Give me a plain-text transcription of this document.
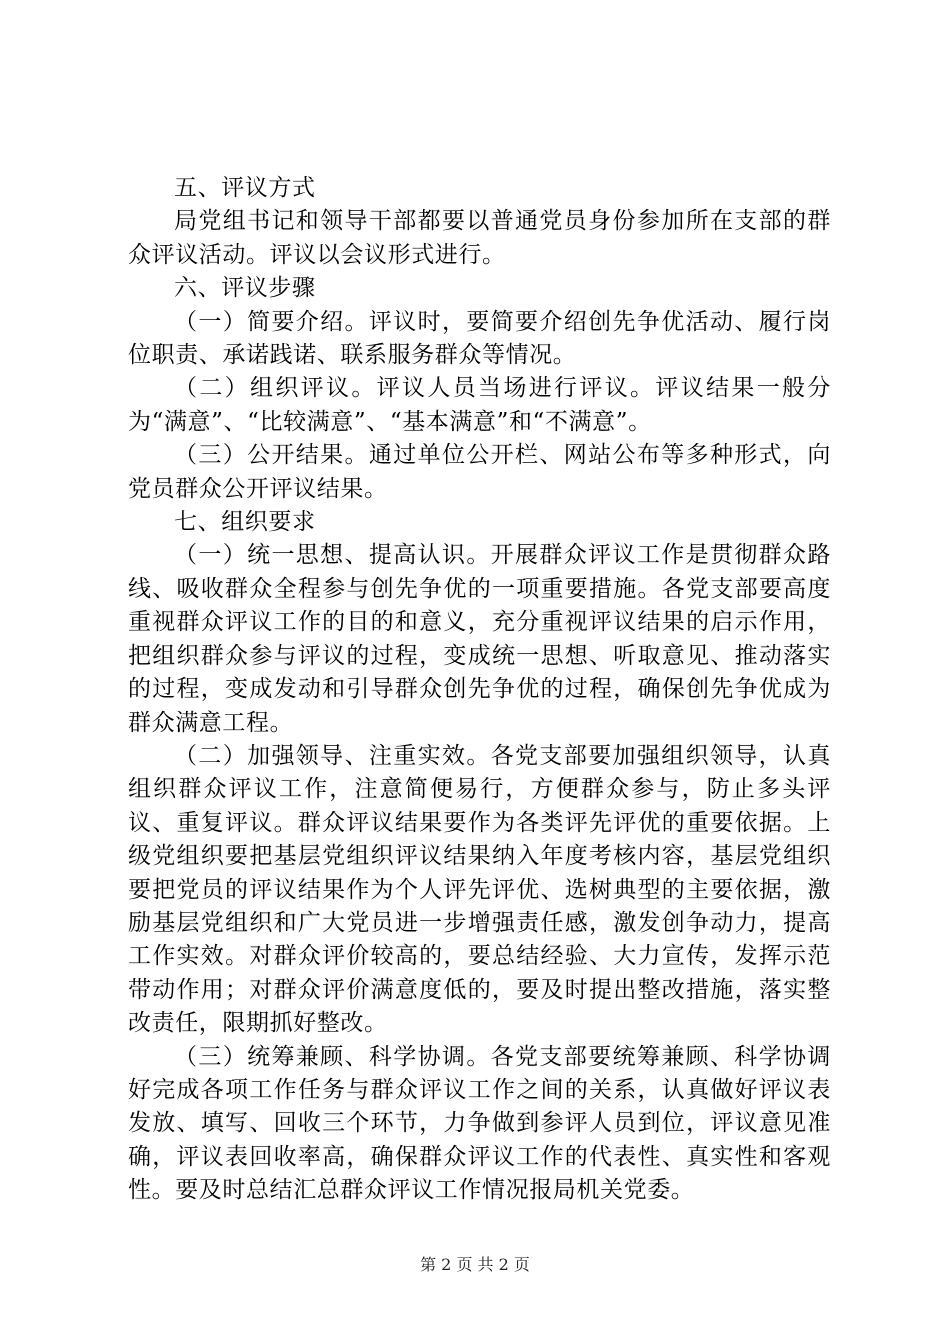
五、评议方式

局党组书记和领导干部都要以普通党员身份参加所在支部的群众评议活动。评议以会议形式进行。

六、评议步骤

（一）简要介绍。评议时，要简要介绍创先争优活动、履行岗位职责、承诺践诺、联系服务群众等情况。

（二）组织评议。评议人员当场进行评议。评议结果一般分为“满意”、“比较满意”、“基本满意”和“不满意”。

（三）公开结果。通过单位公开栏、网站公布等多种形式，向党员群众公开评议结果。

七、组织要求

（一）统一思想、提高认识。开展群众评议工作是贯彻群众路线、吸收群众全程参与创先争优的一项重要措施。各党支部要高度重视群众评议工作的目的和意义，充分重视评议结果的启示作用，把组织群众参与评议的过程，变成统一思想、听取意见、推动落实的过程，变成发动和引导群众创先争优的过程，确保创先争优成为群众满意工程。

（二）加强领导、注重实效。各党支部要加强组织领导，认真组织群众评议工作，注意简便易行，方便群众参与，防止多头评议、重复评议。群众评议结果要作为各类评先评优的重要依据。上级党组织要把基层党组织评议结果纳入年度考核内容，基层党组织要把党员的评议结果作为个人评先评优、选树典型的主要依据，激励基层党组织和广大党员进一步增强责任感，激发创争动力，提高工作实效。对群众评价较高的，要总结经验、大力宣传，发挥示范带动作用；对群众评价满意度低的，要及时提出整改措施，落实整改责任，限期抓好整改。

（三）统筹兼顾、科学协调。各党支部要统筹兼顾、科学协调好完成各项工作任务与群众评议工作之间的关系，认真做好评议表发放、填写、回收三个环节，力争做到参评人员到位，评议意见准确，评议表回收率高，确保群众评议工作的代表性、真实性和客观性。要及时总结汇总群众评议工作情况报局机关党委。

第 2 页 共 2 页
